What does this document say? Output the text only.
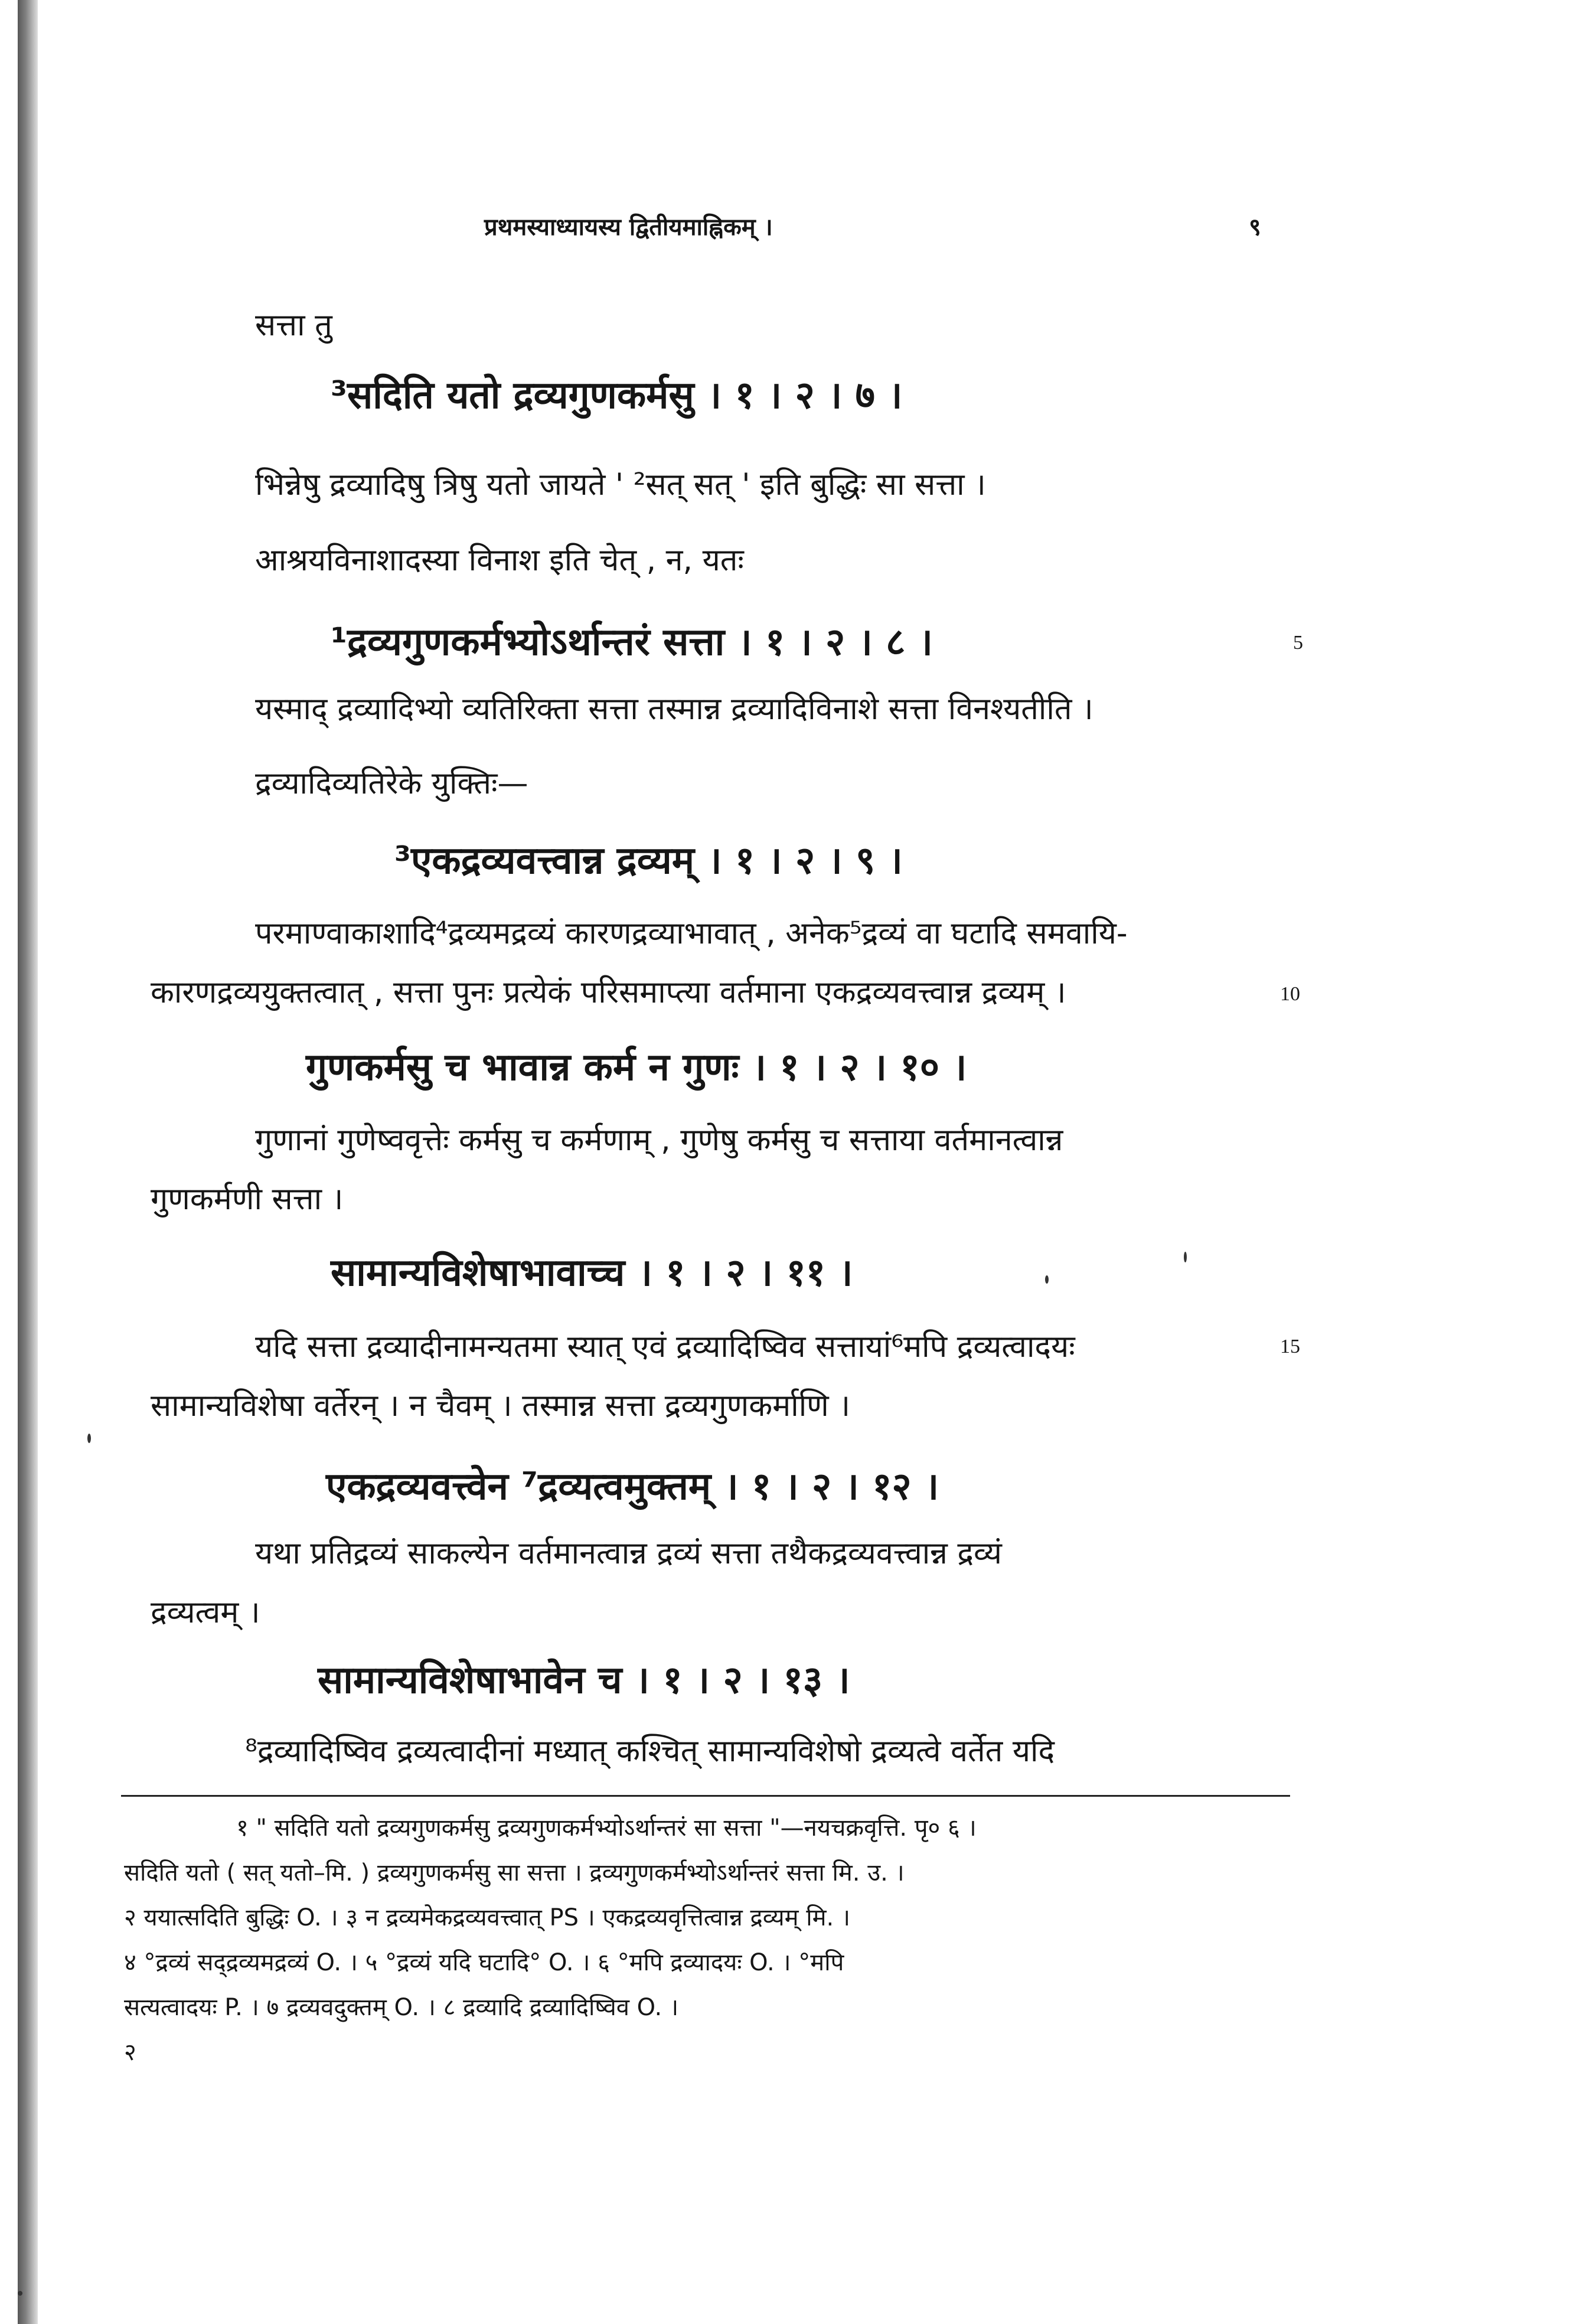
प्रथमस्याध्यायस्य द्वितीयमाह्निकम् ।	९
सत्ता तु
³सदिति यतो द्रव्यगुणकर्मसु । १ । २ । ७ ।
भिन्नेषु द्रव्यादिषु त्रिषु यतो जायते ' ²सत् सत् ' इति बुद्धिः सा सत्ता ।
आश्रयविनाशादस्या विनाश इति चेत् , न, यतः
¹द्रव्यगुणकर्मभ्योऽर्थान्तरं सत्ता । १ । २ । ८ ।	5
यस्माद् द्रव्यादिभ्यो व्यतिरिक्ता सत्ता तस्मान्न द्रव्यादिविनाशे सत्ता विनश्यतीति ।
द्रव्यादिव्यतिरेके युक्तिः—
³एकद्रव्यवत्त्वान्न द्रव्यम् । १ । २ । ९ ।
परमाण्वाकाशादि⁴द्रव्यमद्रव्यं कारणद्रव्याभावात् , अनेक⁵द्रव्यं वा घटादि समवायि-
कारणद्रव्ययुक्तत्वात् , सत्ता पुनः प्रत्येकं परिसमाप्त्या वर्तमाना एकद्रव्यवत्त्वान्न द्रव्यम् ।	10
गुणकर्मसु च भावान्न कर्म न गुणः । १ । २ । १० ।
गुणानां गुणेष्ववृत्तेः कर्मसु च कर्मणाम् , गुणेषु कर्मसु च सत्ताया वर्तमानत्वान्न
गुणकर्मणी सत्ता ।
सामान्यविशेषाभावाच्च । १ । २ । ११ ।
यदि सत्ता द्रव्यादीनामन्यतमा स्यात् एवं द्रव्यादिष्विव सत्तायां⁶मपि द्रव्यत्वादयः	15
सामान्यविशेषा वर्तेरन् । न चैवम् । तस्मान्न सत्ता द्रव्यगुणकर्माणि ।
एकद्रव्यवत्त्वेन ⁷द्रव्यत्वमुक्तम् । १ । २ । १२ ।
यथा प्रतिद्रव्यं साकल्येन वर्तमानत्वान्न द्रव्यं सत्ता तथैकद्रव्यवत्त्वान्न द्रव्यं
द्रव्यत्वम् ।
सामान्यविशेषाभावेन च । १ । २ । १३ ।
⁸द्रव्यादिष्विव द्रव्यत्वादीनां मध्यात् कश्चित् सामान्यविशेषो द्रव्यत्वे वर्तेत यदि
१ " सदिति यतो द्रव्यगुणकर्मसु द्रव्यगुणकर्मभ्योऽर्थान्तरं सा सत्ता "—नयचक्रवृत्ति. पृ० ६ ।
सदिति यतो ( सत् यतो–मि. ) द्रव्यगुणकर्मसु सा सत्ता । द्रव्यगुणकर्मभ्योऽर्थान्तरं सत्ता मि. उ. ।
२ ययात्सदिति बुद्धिः O. । ३ न द्रव्यमेकद्रव्यवत्त्वात् PS । एकद्रव्यवृत्तित्वान्न द्रव्यम् मि. ।
४ °द्रव्यं सद्द्रव्यमद्रव्यं O. । ५ °द्रव्यं यदि घटादि° O. । ६ °मपि द्रव्यादयः O. । °मपि
सत्यत्वादयः P. । ७ द्रव्यवदुक्तम् O. । ८ द्रव्यादि द्रव्यादिष्विव O. ।
२
